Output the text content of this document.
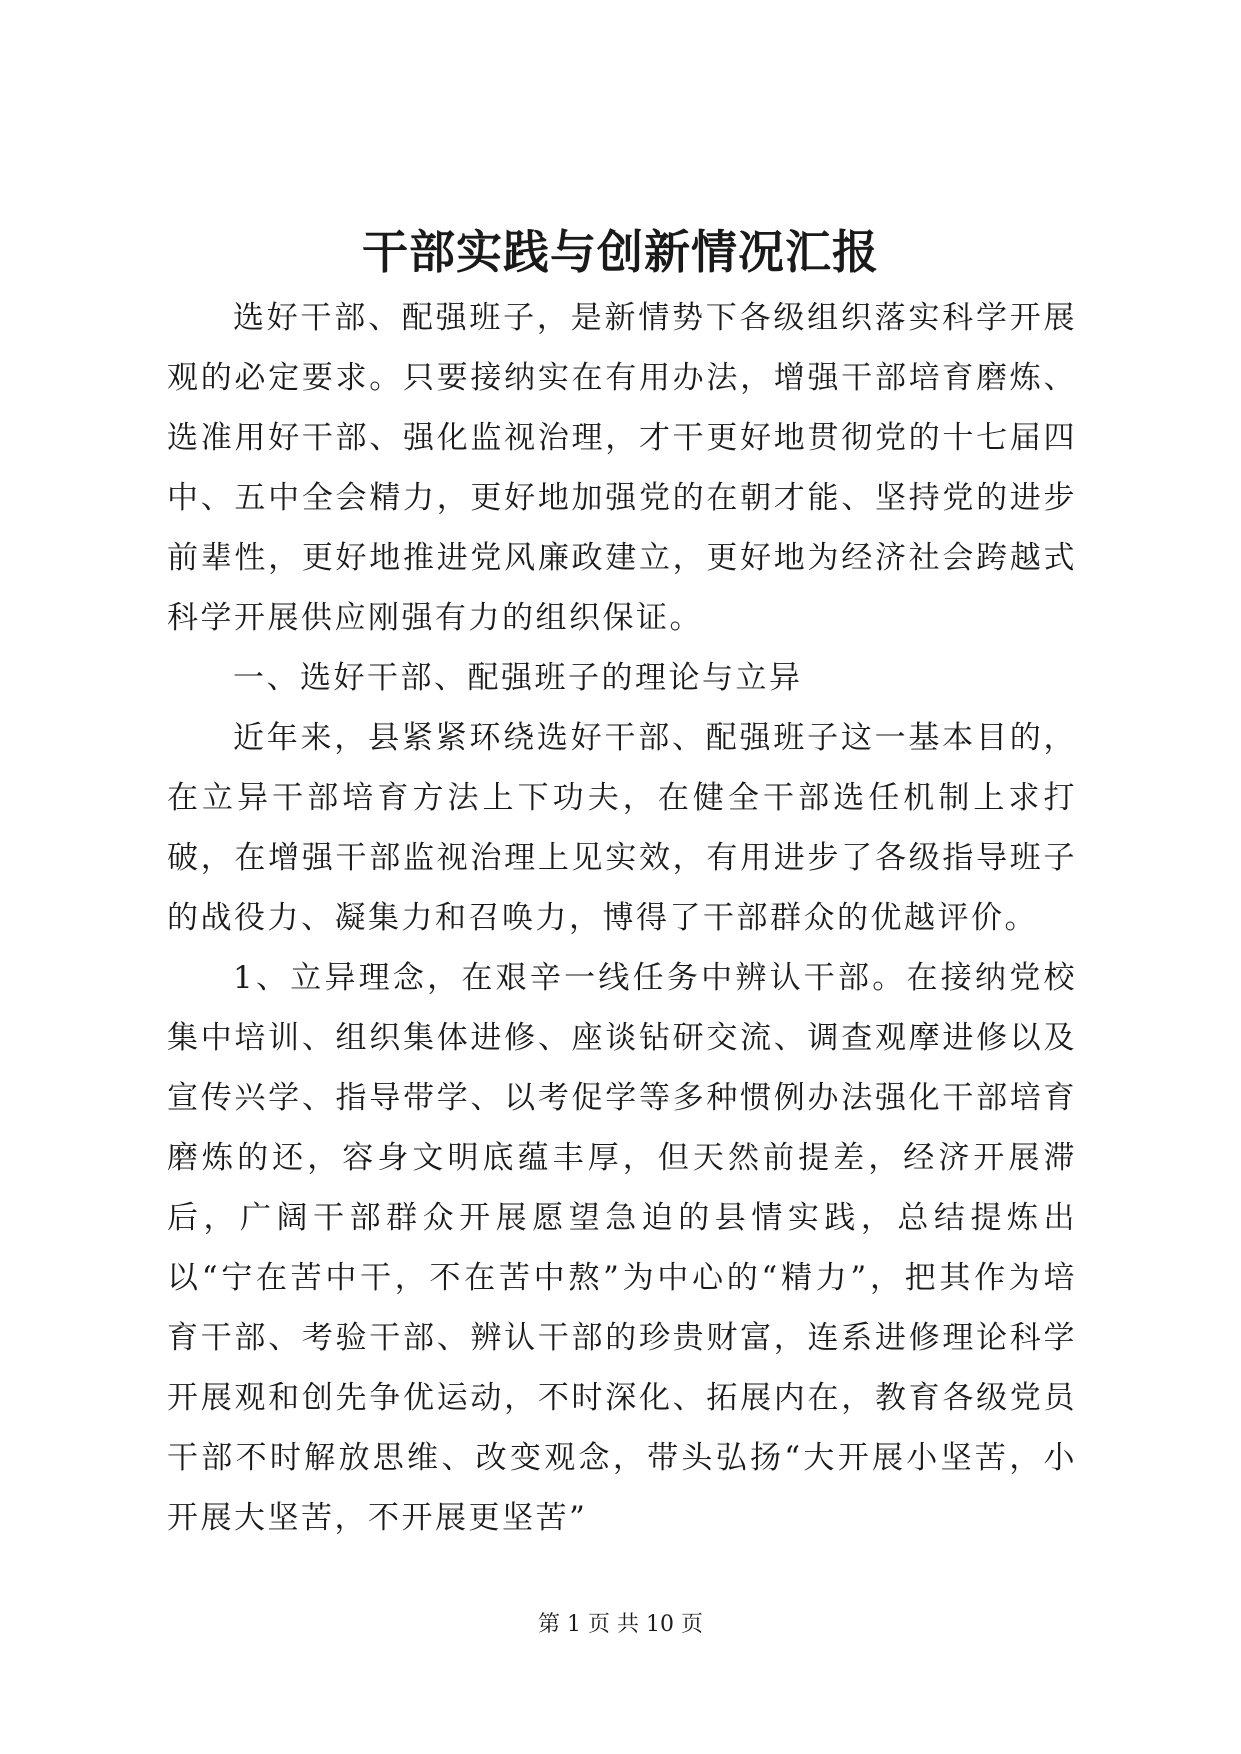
干部实践与创新情况汇报

选好干部、配强班子，是新情势下各级组织落实科学开展观的必定要求。只要接纳实在有用办法，增强干部培育磨炼、选准用好干部、强化监视治理，才干更好地贯彻党的十七届四中、五中全会精力，更好地加强党的在朝才能、坚持党的进步前辈性，更好地推进党风廉政建立，更好地为经济社会跨越式科学开展供应刚强有力的组织保证。

一、选好干部、配强班子的理论与立异

近年来，县紧紧环绕选好干部、配强班子这一基本目的，在立异干部培育方法上下功夫，在健全干部选任机制上求打破，在增强干部监视治理上见实效，有用进步了各级指导班子的战役力、凝集力和召唤力，博得了干部群众的优越评价。

1、立异理念，在艰辛一线任务中辨认干部。在接纳党校集中培训、组织集体进修、座谈钻研交流、调查观摩进修以及宣传兴学、指导带学、以考促学等多种惯例办法强化干部培育磨炼的还，容身文明底蕴丰厚，但天然前提差，经济开展滞后，广阔干部群众开展愿望急迫的县情实践，总结提炼出以“宁在苦中干，不在苦中熬”为中心的“精力”，把其作为培育干部、考验干部、辨认干部的珍贵财富，连系进修理论科学开展观和创先争优运动，不时深化、拓展内在，教育各级党员干部不时解放思维、改变观念，带头弘扬“大开展小坚苦，小开展大坚苦，不开展更坚苦”

第 1 页 共 10 页
